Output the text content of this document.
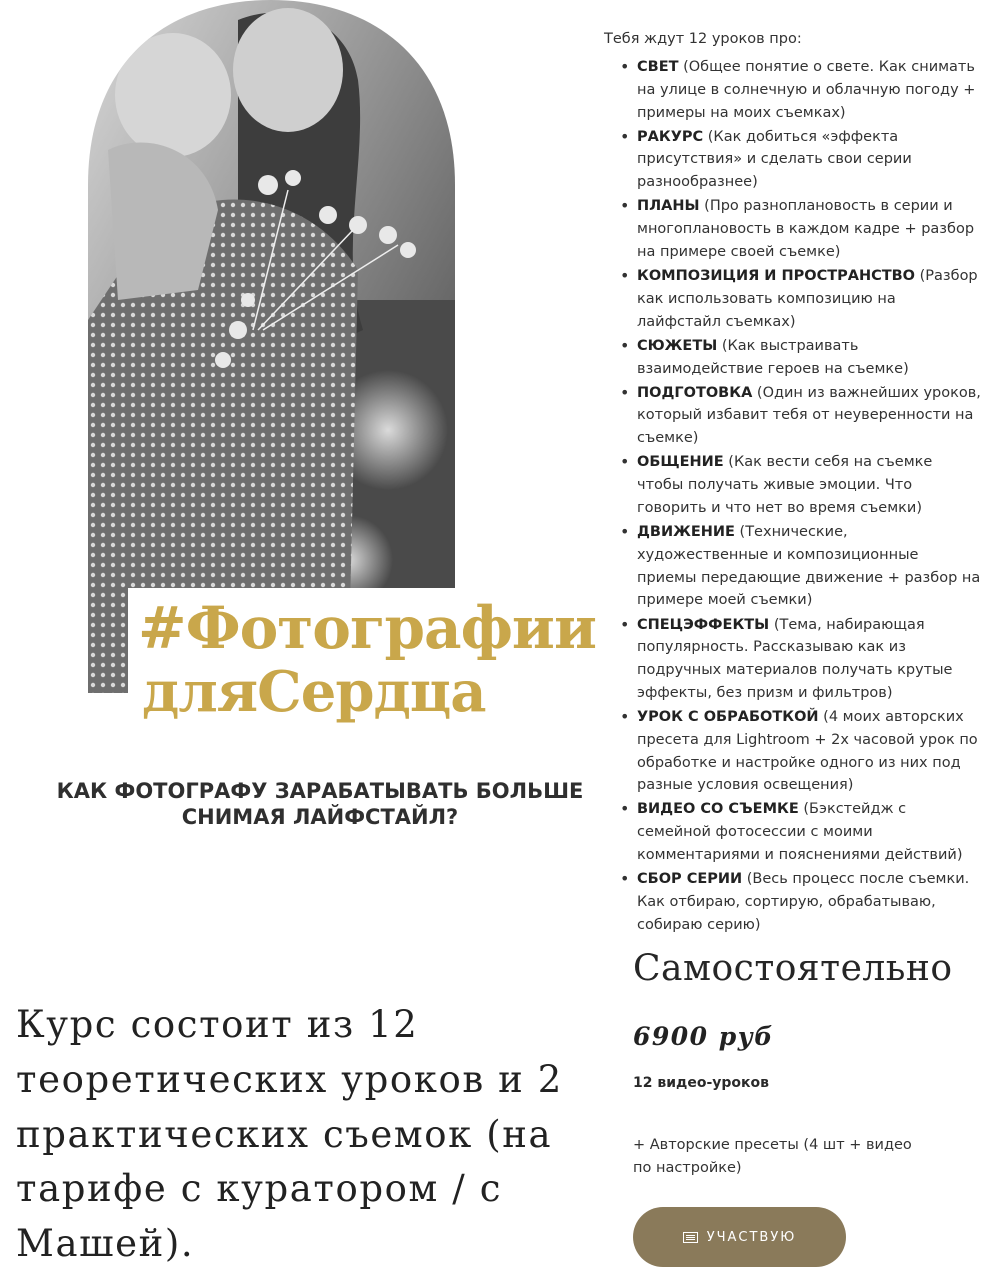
#Фотографии
дляСердца
КАК ФОТОГРАФУ ЗАРАБАТЫВАТЬ БОЛЬШЕ СНИМАЯ ЛАЙФСТАЙЛ?
Курс состоит из 12 теоретических уроков и 2 практических съемок (на тарифе с куратором / с Машей).
Тебя ждут 12 уроков про:
• СВЕТ (Общее понятие о свете. Как снимать на улице в солнечную и облачную погоду + примеры на моих съемках)
• РАКУРС (Как добиться «эффекта присутствия» и сделать свои серии разнообразнее)
• ПЛАНЫ (Про разноплановость в серии и многоплановость в каждом кадре + разбор на примере своей съемке)
• КОМПОЗИЦИЯ И ПРОСТРАНСТВО (Разбор как использовать композицию на лайфстайл съемках)
• СЮЖЕТЫ (Как выстраивать взаимодействие героев на съемке)
• ПОДГОТОВКА (Один из важнейших уроков, который избавит тебя от неуверенности на съемке)
• ОБЩЕНИЕ (Как вести себя на съемке чтобы получать живые эмоции. Что говорить и что нет во время съемки)
• ДВИЖЕНИЕ (Технические, художественные и композиционные приемы передающие движение + разбор на примере моей съемки)
• СПЕЦЭФФЕКТЫ (Тема, набирающая популярность. Рассказываю как из подручных материалов получать крутые эффекты, без призм и фильтров)
• УРОК С ОБРАБОТКОЙ (4 моих авторских пресета для Lightroom + 2х часовой урок по обработке и настройке одного из них под разные условия освещения)
• ВИДЕО СО СЪЕМКЕ (Бэкстейдж с семейной фотосессии с моими комментариями и пояснениями действий)
• СБОР СЕРИИ (Весь процесс после съемки. Как отбираю, сортирую, обрабатываю, собираю серию)
Самостоятельно
6900 руб
12 видео-уроков
+ Авторские пресеты (4 шт + видео по настройке)
УЧАСТВУЮ
